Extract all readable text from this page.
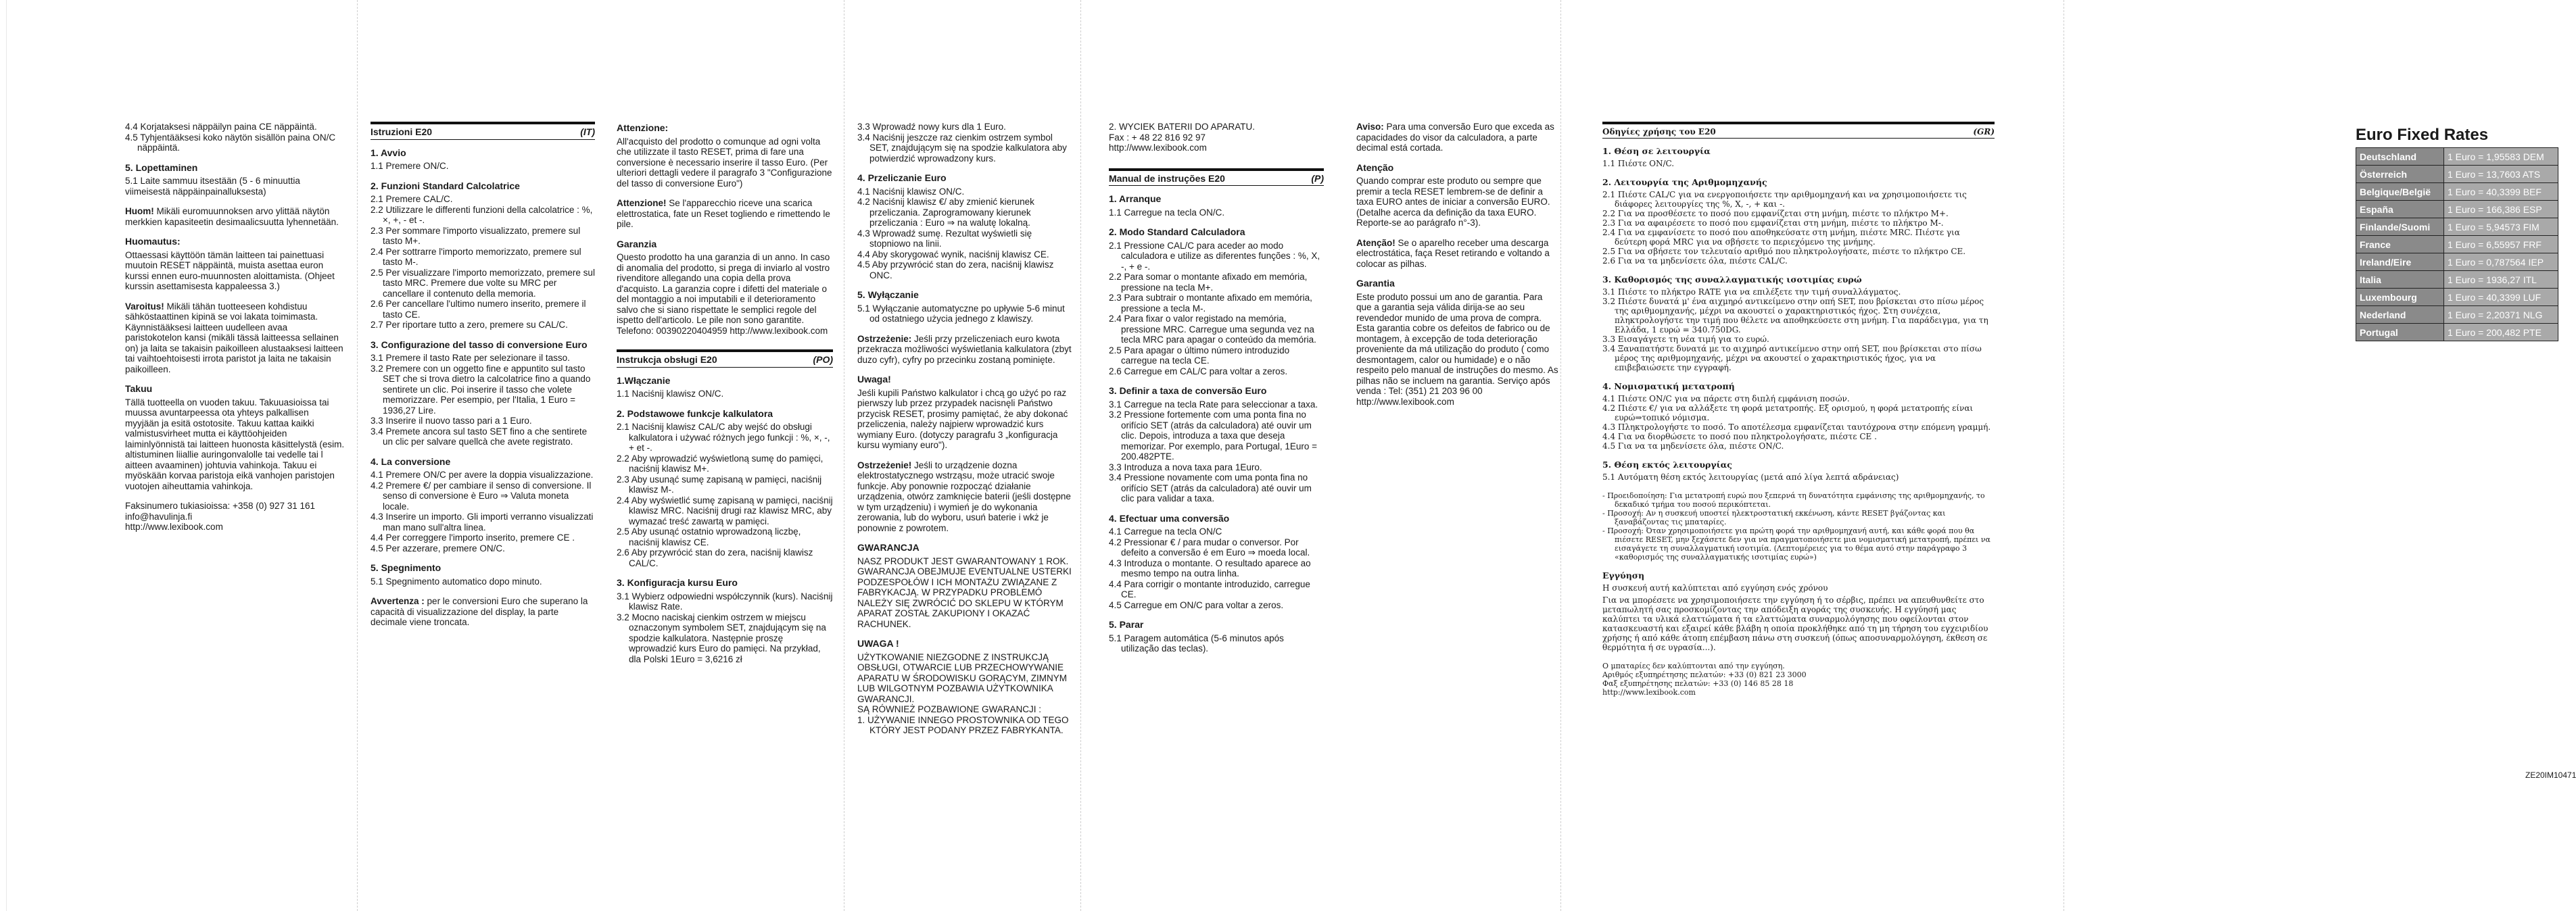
4.4 Korjataksesi näppäilyn paina CE näppäintä.
4.5 Tyhjentääksesi koko näytön sisällön paina ON/C näppäintä.
5. Lopettaminen

5.1 Laite sammuu itsestään (5 - 6 minuuttia viimeisestä näppäinpainalluksesta)

Huom! Mikäli euromuunnoksen arvo ylittää näytön merkkien kapasiteetin desimaalicsuutta lyhennetään.

Huomautus:

Ottaessasi käyttöön tämän laitteen tai painettuasi muutoin RESET näppäintä, muista asettaa euron kurssi ennen euro-muunnosten aloittamista. (Ohjeet kurssin asettamisesta kappaleessa 3.)

Varoitus! Mikäli tähän tuotteeseen kohdistuu sähköstaattinen kipinä se voi lakata toimimasta. Käynnistääksesi laitteen uudelleen avaa paristokotelon kansi (mikäli tässä laitteessa sellainen on) ja laita se takaisin paikoilleen alustaaksesi laitteen tai vaihtoehtoisesti irrota paristot ja laita ne takaisin paikoilleen.

Takuu

Tällä tuotteella on vuoden takuu. Takuuasioissa tai muussa avuntarpeessa ota yhteys palkallisen myyjään ja esitä ostotosite. Takuu kattaa kaikki valmistusvirheet mutta ei käyttöohjeiden laiminlyönnistä tai laitteen huonosta käsittelystä (esim. altistuminen liiallie auringonvalolle tai vedelle tai l aitteen avaaminen) johtuvia vahinkoja. Takuu ei myöskään korvaa paristoja eikä vanhojen paristojen vuotojen aiheuttamia vahinkoja.

Faksinumero tukiasioissa: +358 (0) 927 31 161
info@havulinja.fi
http://www.lexibook.com

Istruzioni E20	(IT)
1. Avvio
1.1 Premere ON/C.
2. Funzioni Standard Calcolatrice
2.1 Premere CAL/C.
2.2 Utilizzare le differenti funzioni della calcolatrice : %, ×, +, - et -.
2.3 Per sommare l'importo visualizzato, premere sul tasto M+.
2.4 Per sottrarre l'importo memorizzato, premere sul tasto M-.
2.5 Per visualizzare l'importo memorizzato, premere sul tasto MRC. Premere due volte su MRC per cancellare il contenuto della memoria.
2.6 Per cancellare l'ultimo numero inserito, premere il tasto CE.
2.7 Per riportare tutto a zero, premere su CAL/C.
3. Configurazione del tasso di conversione Euro
3.1 Premere il tasto Rate per selezionare il tasso.
3.2 Premere con un oggetto fine e appuntito sul tasto SET che si trova dietro la calcolatrice fino a quando sentirete un clic. Poi inserire il tasso che volete memorizzare. Per esempio, per l'Italia, 1 Euro = 1936,27 Lire.
3.3 Inserire il nuovo tasso pari a 1 Euro.
3.4 Premete ancora sul tasto SET fino a che sentirete un clic per salvare quellcà che avete registrato.
4. La conversione
4.1 Premere ON/C per avere la doppia visualizzazione.
4.2 Premere €/ per cambiare il senso di conversione. Il senso di conversione è Euro ⇒ Valuta moneta locale.
4.3 Inserire un importo. Gli importi verranno visualizzati man mano sull'altra linea.
4.4 Per correggere l'importo inserito, premere CE .
4.5 Per azzerare, premere ON/C.
5. Spegnimento
5.1 Spegnimento automatico dopo minuto.

Avvertenza : per le conversioni Euro che superano la capacità di visualizzazione del display, la parte decimale viene troncata.

Attenzione:

All'acquisto del prodotto o comunque ad ogni volta che utilizzate il tasto RESET, prima di fare una conversione è necessario inserire il tasso Euro. (Per ulteriori dettagli vedere il paragrafo 3 "Configurazione del tasso di conversione Euro")

Attenzione! Se l'apparecchio riceve una scarica elettrostatica, fate un Reset togliendo e rimettendo le pile.

Garanzia

Questo prodotto ha una garanzia di un anno. In caso di anomalia del prodotto, si prega di inviarlo al vostro rivenditore allegando una copia della prova d'acquisto. La garanzia copre i difetti del materiale o del montaggio a noi imputabili e il deterioramento salvo che si siano rispettate le semplici regole del ispetto dell'articolo. Le pile non sono garantite. Telefono: 00390220404959 http://www.lexibook.com

Instrukcja obsługi E20	(PO)
1.Włączanie
1.1 Naciśnij klawisz ON/C.
2. Podstawowe funkcje kalkulatora
2.1 Naciśnij klawisz CAL/C aby wejść do obsługi kalkulatora i używać różnych jego funkcji : %, ×, -, + et -.
2.2 Aby wprowadzić wyświetloną sumę do pamięci, naciśnij klawisz M+.
2.3 Aby usunąć sumę zapisaną w pamięci, naciśnij klawisz M-.
2.4 Aby wyświetlić sumę zapisaną w pamięci, naciśnij klawisz MRC. Naciśnij drugi raz klawisz MRC, aby wymazać treść zawartą w pamięci.
2.5 Aby usunąć ostatnio wprowadzoną liczbę, naciśnij klawisz CE.
2.6 Aby przywrócić stan do zera, naciśnij klawisz CAL/C.
3. Konfiguracja kursu Euro
3.1 Wybierz odpowiedni współczynnik (kurs). Naciśnij klawisz Rate.
3.2 Mocno naciskaj cienkim ostrzem w miejscu oznaczonym symbolem SET, znajdującym się na spodzie kalkulatora. Następnie proszę wprowadzić kurs Euro do pamięci. Na przykład, dla Polski 1Euro = 3,6216 zł
3.3 Wprowadź nowy kurs dla 1 Euro.
3.4 Naciśnij jeszcze raz cienkim ostrzem symbol SET, znajdującym się na spodzie kalkulatora aby potwierdzić wprowadzony kurs.
4. Przeliczanie Euro
4.1 Naciśnij klawisz ON/C.
4.2 Naciśnij klawisz €/ aby zmienić kierunek przeliczania. Zaprogramowany kierunek przeliczania : Euro ⇒ na walutę lokalną.
4.3 Wprowadź sumę. Rezultat wyświetli się stopniowo na linii.
4.4 Aby skorygować wynik, naciśnij klawisz CE.
4.5 Aby przywrócić stan do zera, naciśnij klawisz ONC.
5. Wyłączanie
5.1 Wyłączanie automatyczne po upływie 5-6 minut od ostatniego użycia jednego z klawiszy.

Ostrzeżenie: Jeśli przy przeliczeniach euro kwota przekracza możliwości wyświetlania kalkulatora (zbyt duzo cyfr), cyfry po przecinku zostaną pominięte.

Uwaga!

Jeśli kupili Państwo kalkulator i chcą go użyć po raz pierwszy lub przez przypadek nacisnęli Państwo przycisk RESET, prosimy pamiętać, że aby dokonać przeliczenia, należy najpierw wprowadzić kurs wymiany Euro. (dotyczy paragrafu 3 „konfiguracja kursu wymiany euro").

Ostrzeżenie! Jeśli to urządzenie dozna elektrostatycznego wstrząsu, może utracić swoje funkcje. Aby ponownie rozpocząć działanie urządzenia, otwórz zamknięcie baterii (jeśli dostępne w tym urządzeniu) i wymień je do wykonania zerowania, lub do wyboru, usuń baterie i wkż je ponownie z powrotem.

GWARANCJA

NASZ PRODUKT JEST GWARANTOWANY 1 ROK. GWARANCJA OBEJMUJE EVENTUALNE USTERKI PODZESPOŁÓW I ICH MONTAŻU ZWIĄZANE Z FABRYKACJĄ. W PRZYPADKU PROBLEMÓ NALEŻY SIĘ ZWRÓCIĆ DO SKLEPU W KTÓRYM APARAT ZOSTAŁ ZAKUPIONY I OKAZAĆ RACHUNEK.

UWAGA !

UŻYTKOWANIE NIEZGODNE Z INSTRUKCJĄ OBSŁUGI, OTWARCIE LUB PRZECHOWYWANIE APARATU W ŚRODOWISKU GORĄCYM, ZIMNYM LUB WILGOTNYM POZBAWIA UŻYTKOWNIKA GWARANCJI.

SĄ RÓWNIEŻ POZBAWIONE GWARANCJI :
1. UŻYWANIE INNEGO PROSTOWNIKA OD TEGO KTÓRY JEST PODANY PRZEZ FABRYKANTA.
2. WYCIEK BATERII DO APARATU.

Fax : + 48 22 816 92 97
http://www.lexibook.com

Manual de instruções E20	(P)
1. Arranque
1.1 Carregue na tecla ON/C.
2. Modo Standard Calculadora
2.1 Pressione CAL/C para aceder ao modo calculadora e utilize as diferentes funções : %, X, -, + e -.
2.2 Para somar o montante afixado em memória, pressione na tecla M+.
2.3 Para subtrair o montante afixado em memória, pressione a tecla M-.
2.4 Para fixar o valor registado na memória, pressione MRC. Carregue uma segunda vez na tecla MRC para apagar o conteúdo da memória.
2.5 Para apagar o último número introduzido carregue na tecla CE.
2.6 Carregue em CAL/C para voltar a zeros.
3. Definir a taxa de conversão Euro
3.1 Carregue na tecla Rate para seleccionar a taxa.
3.2 Pressione fortemente com uma ponta fina no orifício SET (atrás da calculadora) até ouvir um clic. Depois, introduza a taxa que deseja memorizar. Por exemplo, para Portugal, 1Euro = 200.482PTE.
3.3 Introduza a nova taxa para 1Euro.
3.4 Pressione novamente com uma ponta fina no orifício SET (atrás da calculadora) até ouvir um clic para validar a taxa.
4. Efectuar uma conversão
4.1 Carregue na tecla ON/C
4.2 Pressionar € / para mudar o conversor. Por defeito a conversão é em Euro ⇒ moeda local.
4.3 Introduza o montante. O resultado aparece ao mesmo tempo na outra linha.
4.4 Para corrigir o montante introduzido, carregue CE.
4.5 Carregue em ON/C para voltar a zeros.
5. Parar
5.1 Paragem automática (5-6 minutos após utilização das teclas).

Aviso: Para uma conversão Euro que exceda as capacidades do visor da calculadora, a parte decimal está cortada.

Atenção

Quando comprar este produto ou sempre que premir a tecla RESET lembrem-se de definir a taxa EURO antes de iniciar a conversão EURO. (Detalhe acerca da definição da taxa EURO. Reporte-se ao parágrafo n°-3).

Atenção! Se o aparelho receber uma descarga electrostática, faça Reset retirando e voltando a colocar as pilhas.

Garantia

Este produto possui um ano de garantia. Para que a garantia seja válida dirija-se ao seu revendedor munido de uma prova de compra. Esta garantia cobre os defeitos de fabrico ou de montagem, à excepção de toda deterioração proveniente da má utilização do produto ( como desmontagem, calor ou humidade) e o não respeito pelo manual de instruções do mesmo. As pilhas não se incluem na garantia. Serviço após venda : Tel: (351) 21 203 96 00 http://www.lexibook.com

Οδηγίες χρήσης του E20	(GR)
1. Θέση σε λειτουργία
1.1 Πιέστε ON/C.
2. Λειτουργία της Αριθμομηχανής
2.1 Πιέστε CAL/C για να ενεργοποιήσετε την αριθμομηχανή και να χρησιμοποιήσετε τις διάφορες λειτουργίες της %, X, -, + και -.
2.2 Για να προσθέσετε το ποσό που εμφανίζεται στη μνήμη, πιέστε το πλήκτρο M+.
2.3 Για να αφαιρέσετε το ποσό που εμφανίζεται στη μνήμη, πιέστε το πλήκτρο M-.
2.4 Για να εμφανίσετε το ποσό που αποθηκεύσατε στη μνήμη, πιέστε MRC. Πιέστε για δεύτερη φορά MRC για να σβήσετε το περιεχόμενο της μνήμης.
2.5 Για να σβήσετε τον τελευταίο αριθμό που πληκτρολογήσατε, πιέστε το πλήκτρο CE.
2.6 Για να τα μηδενίσετε όλα, πιέστε CAL/C.
3. Καθορισμός της συναλλαγματικής ισοτιμίας ευρώ
3.1 Πιέστε το πλήκτρο RATE για να επιλέξετε την τιμή συναλλάγματος.
3.2 Πιέστε δυνατά μ' ένα αιχμηρό αντικείμενο στην οπή SET, που βρίσκεται στο πίσω μέρος της αριθμομηχανής, μέχρι να ακουστεί ο χαρακτηριστικός ήχος. Στη συνέχεια, πληκτρολογήστε την τιμή που θέλετε να αποθηκεύσετε στη μνήμη. Για παράδειγμα, για τη Ελλάδα, 1 ευρώ = 340.750DG.
3.3 Εισαγάγετε τη νέα τιμή για το ευρώ.
3.4 Ξαναπατήστε δυνατά με το αιχμηρό αντικείμενο στην οπή SET, που βρίσκεται στο πίσω μέρος της αριθμομηχανής, μέχρι να ακουστεί ο χαρακτηριστικός ήχος, για να επιβεβαιώσετε την εγγραφή.
4. Νομισματική μετατροπή
4.1 Πιέστε ON/C για να πάρετε στη διπλή εμφάνιση ποσών.
4.2 Πιέστε €/ για να αλλάξετε τη φορά μετατροπής. Εξ ορισμού, η φορά μετατροπής είναι ευρώ⇒τοπικό νόμισμα.
4.3 Πληκτρολογήστε το ποσό. Το αποτέλεσμα εμφανίζεται ταυτόχρονα στην επόμενη γραμμή.
4.4 Για να διορθώσετε το ποσό που πληκτρολογήσατε, πιέστε CE .
4.5 Για να τα μηδενίσετε όλα, πιέστε ON/C.
5. Θέση εκτός λειτουργίας
5.1 Αυτόματη θέση εκτός λειτουργίας (μετά από λίγα λεπτά αδράνειας)
- Προειδοποίηση: Για μετατροπή ευρώ που ξεπερνά τη δυνατότητα εμφάνισης της αριθμομηχανής, το δεκαδικό τμήμα του ποσού περικόπτεται.
- Προσοχή: Αν η συσκευή υποστεί ηλεκτροστατική εκκένωση, κάντε RESET βγάζοντας και ξαναβάζοντας τις μπαταρίες.
- Προσοχή: Όταν χρησιμοποιήσετε για πρώτη φορά την αριθμομηχανή αυτή, και κάθε φορά που θα πιέσετε RESET, μην ξεχάσετε δεν για να πραγματοποιήσετε μια νομισματική μετατροπή, πρέπει να εισαγάγετε τη συναλλαγματική ισοτιμία. (Λεπτομέρειες για το θέμα αυτό στην παράγραφο 3 «καθορισμός της συναλλαγματικής ισοτιμίας ευρώ»)
Εγγύηση

Η συσκευή αυτή καλύπτεται από εγγύηση ενός χρόνου

Για να μπορέσετε να χρησιμοποιήσετε την εγγύηση ή το σέρβις, πρέπει να απευθυνθείτε στο μεταπωλητή σας προσκομίζοντας την απόδειξη αγοράς της συσκευής. Η εγγύησή μας καλύπτει τα υλικά ελαττώματα ή τα ελαττώματα συναρμολόγησης που οφείλονται στον κατασκευαστή και εξαιρεί κάθε βλάβη η οποία προκλήθηκε από τη μη τήρηση του εγχειριδίου χρήσης ή από κάθε άτοπη επέμβαση πάνω στη συσκευή (όπως αποσυναρμολόγηση, έκθεση σε θερμότητα ή σε υγρασία...).

Ο μπαταρίες δεν καλύπτονται από την εγγύηση.
Αριθμός εξυπηρέτησης πελατών: +33 (0) 821 23 3000
Φαξ εξυπηρέτησης πελατών: +33 (0) 146 85 28 18
http://www.lexibook.com

Euro Fixed Rates
Deutschland	1 Euro = 1,95583 DEM
Österreich	1 Euro = 13,7603 ATS
Belgique/België	1 Euro = 40,3399 BEF
España	1 Euro = 166,386 ESP
Finlande/Suomi	1 Euro = 5,94573 FIM
France	1 Euro = 6,55957 FRF
Ireland/Eire	1 Euro = 0,787564 IEP
Italia	1 Euro = 1936,27 ITL
Luxembourg	1 Euro = 40,3399 LUF
Nederland	1 Euro = 2,20371 NLG
Portugal	1 Euro = 200,482 PTE
ZE20IM10471
